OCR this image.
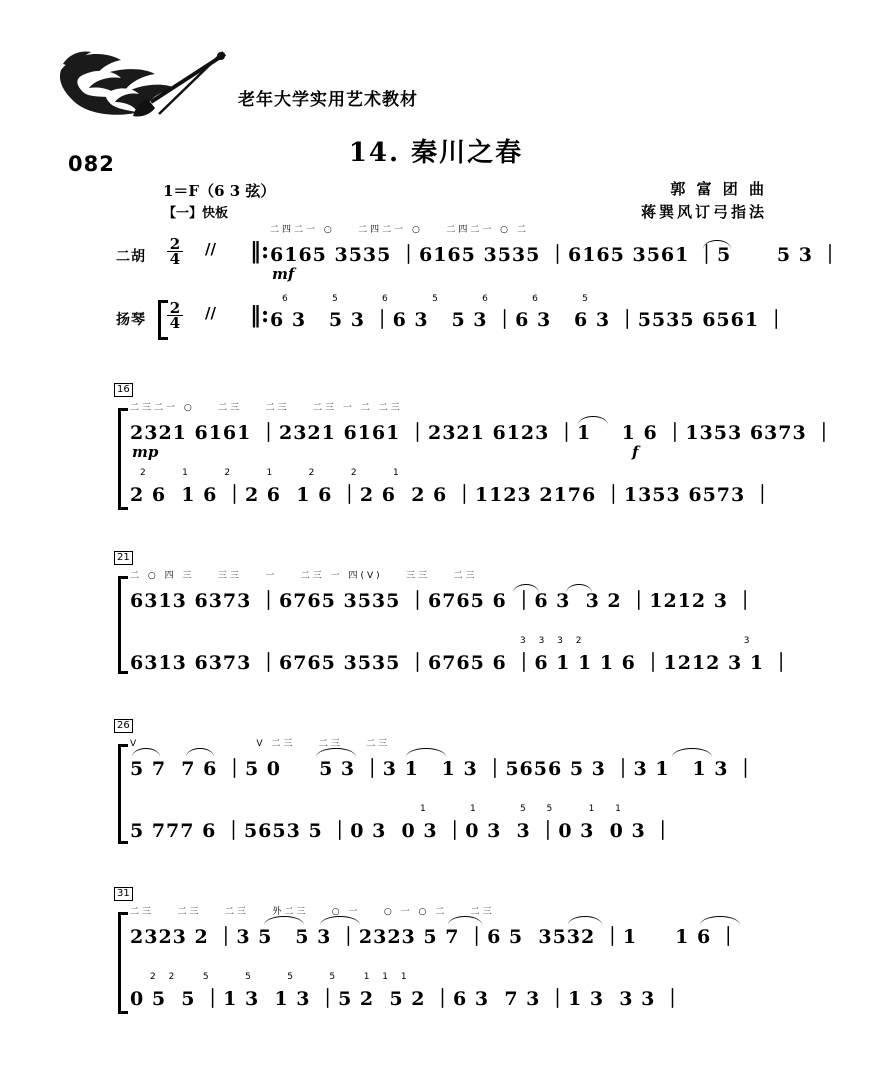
老年大学实用艺术教材
14. 秦川之春
082
1＝F（6 3 弦）
【一】快板
郭 富 团 曲
蒋巽风订弓指法
二胡
扬琴
$\frac{2}{4}$
$\frac{2}{4}$
//
//
‖:
‖:
二四二一 ○    二四二一 ○    二四二一 ○ 二
6165 3535 ｜6165 3535 ｜6165 3561 ｜5      5 3 ｜
mf
6     5     6     5     6     6     5
6 3   5 3 ｜6 3   5 3 ｜6 3   6 3 ｜5535 6561 ｜
16
二三二一 ○    二三    二三    二三 一 二 二三
2321 6161 ｜2321 6161 ｜2321 6123 ｜1    1 6 ｜1353 6373 ｜
mp	f
2    1    2    1    2    2    1
2 6  1 6 ｜2 6  1 6 ｜2 6  2 6 ｜1123 2176 ｜1353 6573 ｜
21
二 ○ 四 三    三三    一    二三 一 四(V)    三三    二三
6313 6373 ｜6765 3535 ｜6765 6 ｜6 3  3 2 ｜1212 3 ｜
3 3 3 2                    3
6313 6373 ｜6765 3535 ｜6765 6 ｜6 1 1 1 6 ｜1212 3 1 ｜
26
V                    V 二三    二三    二三
5 7  7 6 ｜5 0     5 3 ｜3 1   1 3 ｜5656 5 3 ｜3 1   1 3 ｜
1     1     5  5    1  1
5 777 6 ｜5653 5 ｜0 3  0 3 ｜0 3  3 ｜0 3  0 3 ｜
31
二三    二三    二三    外二三    ○ 一    ○ 一 ○ 二    二三
2323 2 ｜3 5   5 3 ｜2323 5 7 ｜6 5  3532 ｜1     1 6 ｜
2 2   5    5    5    5   1 1 1
0 5  5 ｜1 3  1 3 ｜5 2  5 2 ｜6 3  7 3 ｜1 3  3 3 ｜
